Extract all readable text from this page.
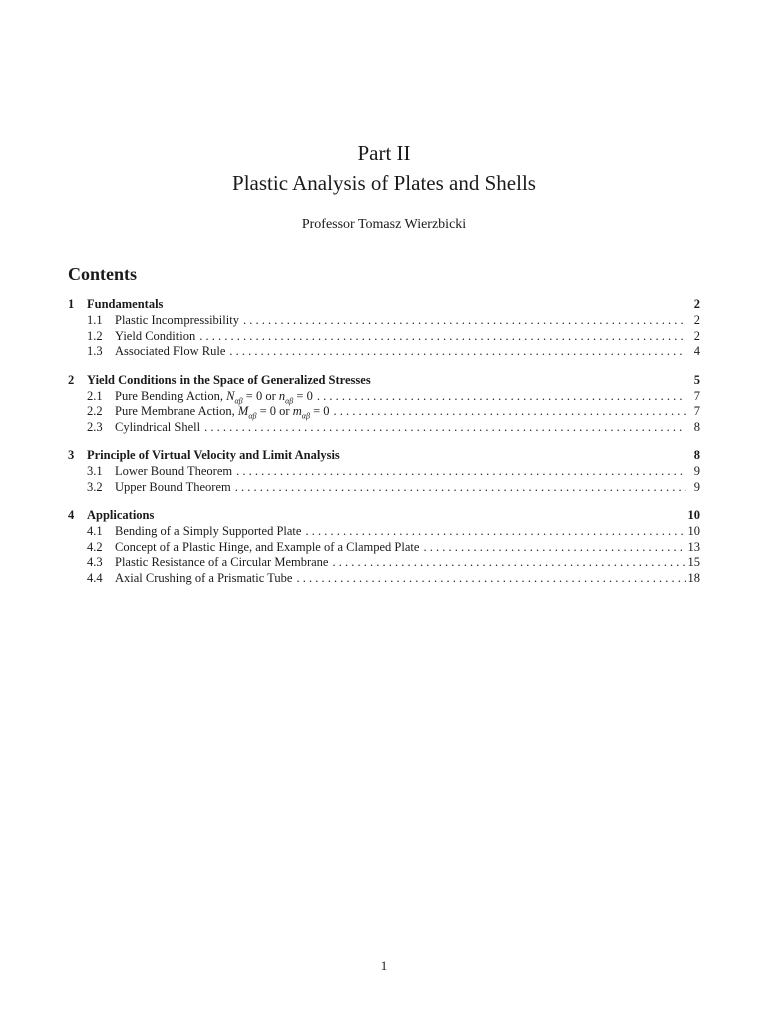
Part II
Plastic Analysis of Plates and Shells
Professor Tomasz Wierzbicki
Contents
1	Fundamentals	2
1.1 Plastic Incompressibility . . .	2
1.2 Yield Condition . . .	2
1.3 Associated Flow Rule . . .	4
2	Yield Conditions in the Space of Generalized Stresses	5
2.1 Pure Bending Action, $N_{\alpha\beta} = 0$ or $n_{\alpha\beta} = 0$ . . .	7
2.2 Pure Membrane Action, $M_{\alpha\beta} = 0$ or $m_{\alpha\beta} = 0$ . . .	7
2.3 Cylindrical Shell . . .	8
3	Principle of Virtual Velocity and Limit Analysis	8
3.1 Lower Bound Theorem . . .	9
3.2 Upper Bound Theorem . . .	9
4	Applications	10
4.1 Bending of a Simply Supported Plate . . .	10
4.2 Concept of a Plastic Hinge, and Example of a Clamped Plate . . .	13
4.3 Plastic Resistance of a Circular Membrane . . .	15
4.4 Axial Crushing of a Prismatic Tube . . .	18
1
